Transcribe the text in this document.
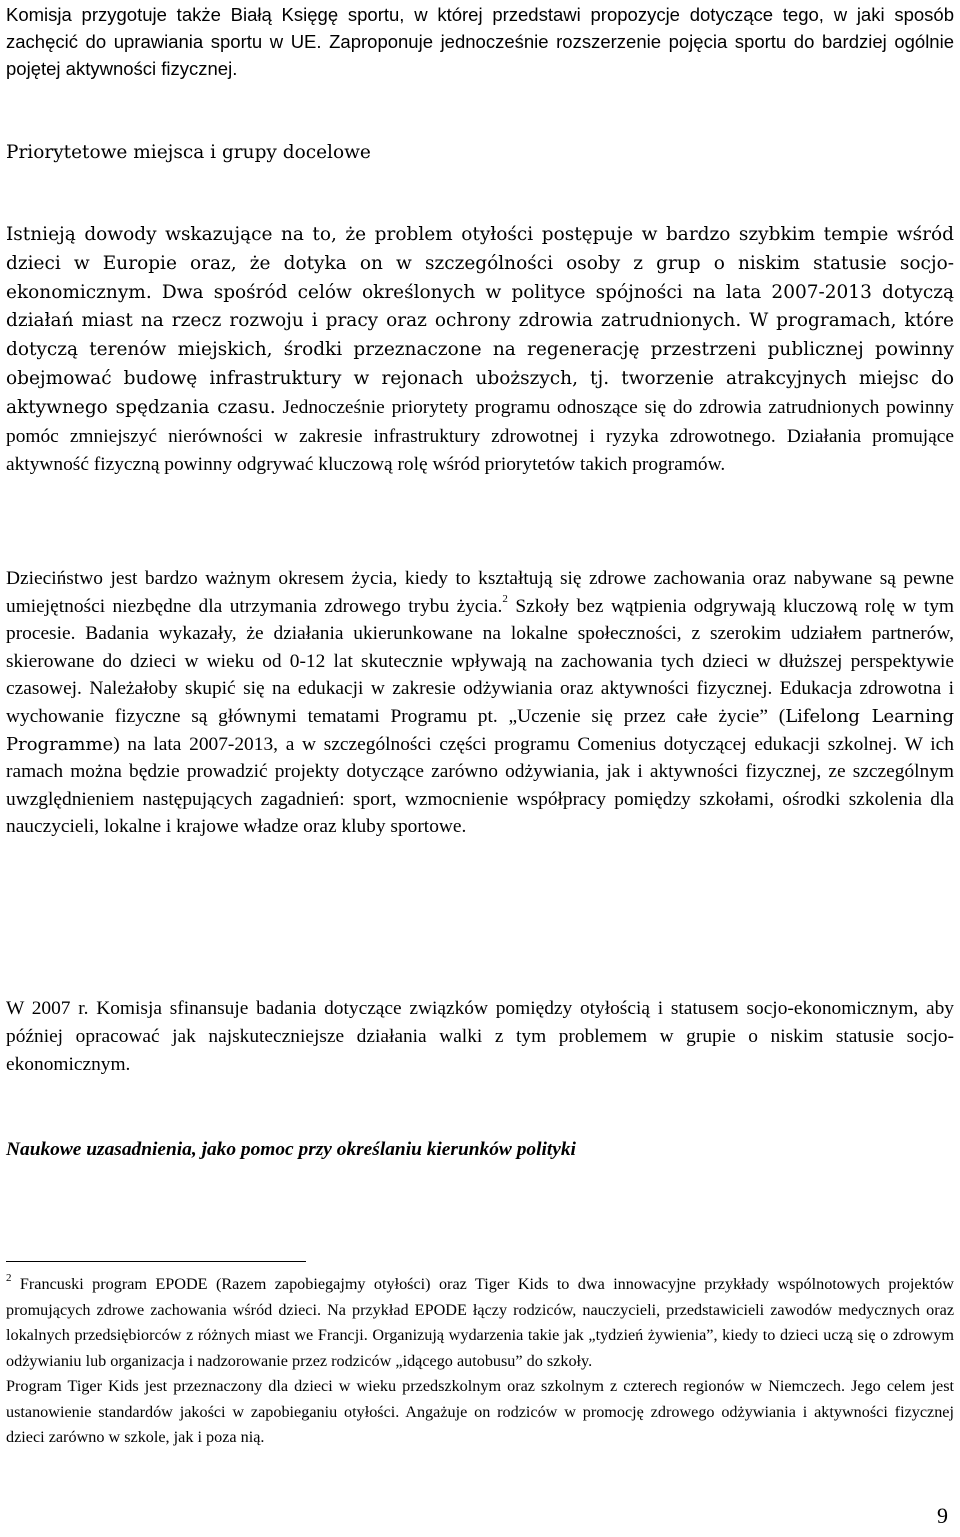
Komisja przygotuje także Białą Księgę sportu, w której przedstawi propozycje dotyczące tego, w jaki sposób zachęcić do uprawiania sportu w UE. Zaproponuje jednocześnie rozszerzenie pojęcia sportu do bardziej ogólnie pojętej aktywności fizycznej.

Priorytetowe miejsca i grupy docelowe

Istnieją dowody wskazujące na to, że problem otyłości postępuje w bardzo szybkim tempie wśród dzieci w Europie oraz, że dotyka on w szczególności osoby z grup o niskim statusie socjo-ekonomicznym. Dwa spośród celów określonych w polityce spójności na lata 2007-2013 dotyczą działań miast na rzecz rozwoju i pracy oraz ochrony zdrowia zatrudnionych. W programach, które dotyczą terenów miejskich, środki przeznaczone na regenerację przestrzeni publicznej powinny obejmować budowę infrastruktury w rejonach uboższych, tj. tworzenie atrakcyjnych miejsc do aktywnego spędzania czasu. Jednocześnie priorytety programu odnoszące się do zdrowia zatrudnionych powinny pomóc zmniejszyć nierówności w zakresie infrastruktury zdrowotnej i ryzyka zdrowotnego. Działania promujące aktywność fizyczną powinny odgrywać kluczową rolę wśród priorytetów takich programów.

Dzieciństwo jest bardzo ważnym okresem życia, kiedy to kształtują się zdrowe zachowania oraz nabywane są pewne umiejętności niezbędne dla utrzymania zdrowego trybu życia.$^2$ Szkoły bez wątpienia odgrywają kluczową rolę w tym procesie. Badania wykazały, że działania ukierunkowane na lokalne społeczności, z szerokim udziałem partnerów, skierowane do dzieci w wieku od 0-12 lat skutecznie wpływają na zachowania tych dzieci w dłuższej perspektywie czasowej. Należałoby skupić się na edukacji w zakresie odżywiania oraz aktywności fizycznej. Edukacja zdrowotna i wychowanie fizyczne są głównymi tematami Programu pt. „Uczenie się przez całe życie” (Lifelong Learning Programme) na lata 2007-2013, a w szczególności części programu Comenius dotyczącej edukacji szkolnej. W ich ramach można będzie prowadzić projekty dotyczące zarówno odżywiania, jak i aktywności fizycznej, ze szczególnym uwzględnieniem następujących zagadnień: sport, wzmocnienie współpracy pomiędzy szkołami, ośrodki szkolenia dla nauczycieli, lokalne i krajowe władze oraz kluby sportowe.

W 2007 r. Komisja sfinansuje badania dotyczące związków pomiędzy otyłością i statusem socjo-ekonomicznym, aby później opracować jak najskuteczniejsze działania walki z tym problemem w grupie o niskim statusie socjo-ekonomicznym.

Naukowe uzasadnienia, jako pomoc przy określaniu kierunków polityki

$^2$ Francuski program EPODE (Razem zapobiegajmy otyłości) oraz Tiger Kids to dwa innowacyjne przykłady wspólnotowych projektów promujących zdrowe zachowania wśród dzieci. Na przykład EPODE łączy rodziców, nauczycieli, przedstawicieli zawodów medycznych oraz lokalnych przedsiębiorców z różnych miast we Francji. Organizują wydarzenia takie jak „tydzień żywienia”, kiedy to dzieci uczą się o zdrowym odżywianiu lub organizacja i nadzorowanie przez rodziców „idącego autobusu” do szkoły.
Program Tiger Kids jest przeznaczony dla dzieci w wieku przedszkolnym oraz szkolnym z czterech regionów w Niemczech. Jego celem jest ustanowienie standardów jakości w zapobieganiu otyłości. Angażuje on rodziców w promocję zdrowego odżywiania i aktywności fizycznej dzieci zarówno w szkole, jak i poza nią.
9
